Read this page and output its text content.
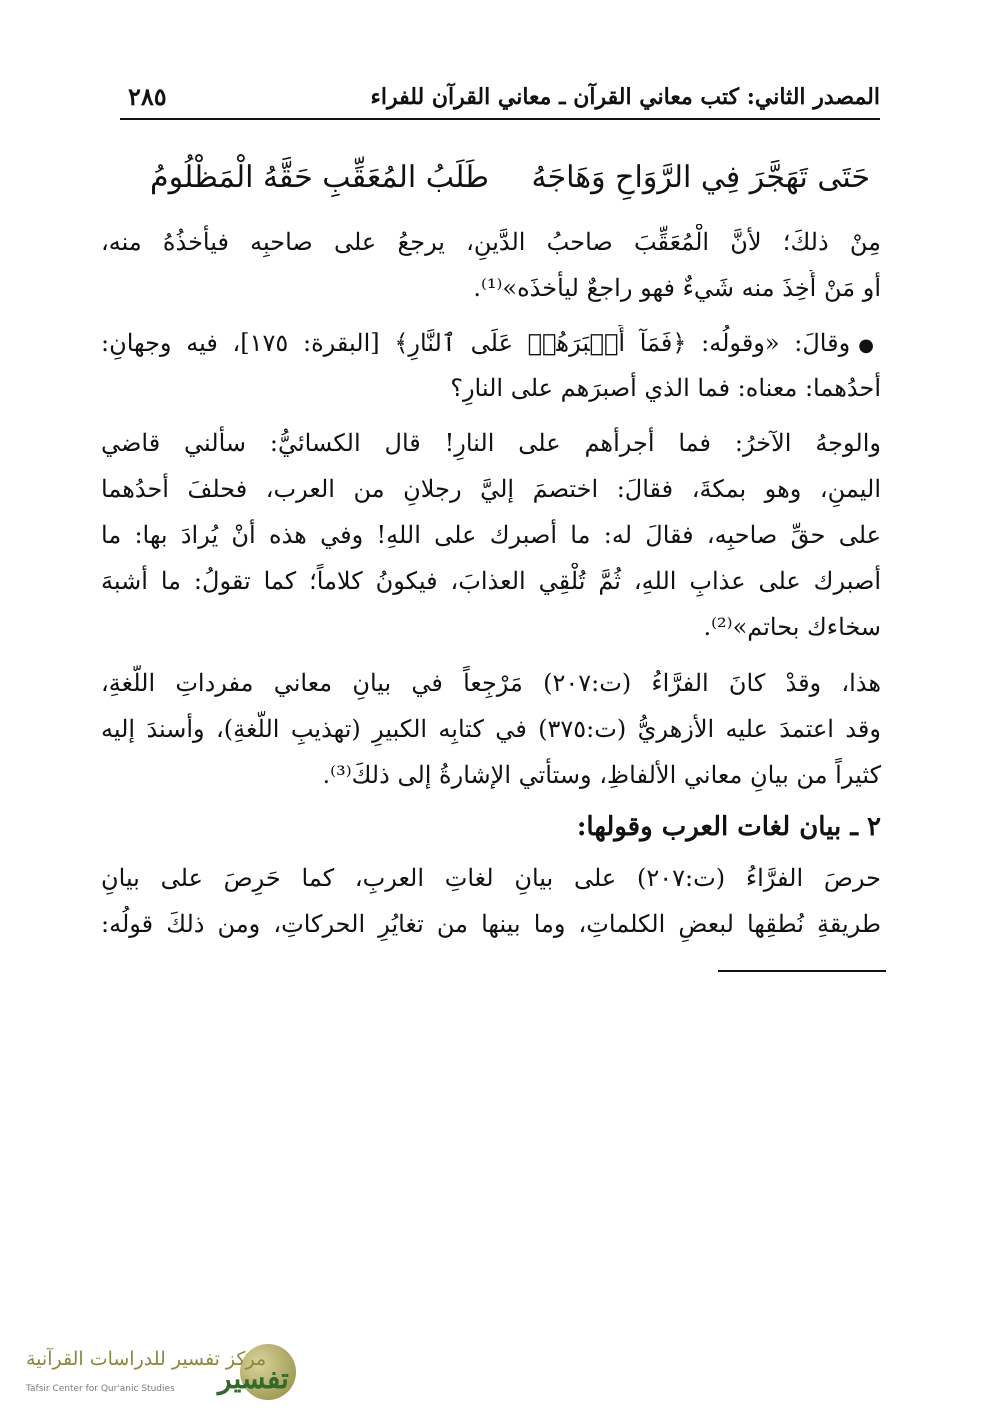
المصدر الثاني: كتب معاني القرآن ـ معاني القرآن للفراء
٢٨٥
حَتَى تَهَجَّرَ فِي الرَّوَاحِ وَهَاجَهُ
طَلَبُ المُعَقِّبِ حَقَّهُ الْمَظْلُومُ
مِنْ ذلكَ؛ لأنَّ الْمُعَقِّبَ صاحبُ الدَّينِ، يرجعُ على صاحبِه فيأخذُهُ منه،
أو مَنْ أُخِذَ منه شَيءٌ فهو راجعٌ ليأخذَه»⁽¹⁾.
●وقالَ: «وقولُه: ﴿فَمَآ أَصۡبَرَهُمۡ عَلَى ٱلنَّارِ﴾ [البقرة: ١٧٥]، فيه وجهانِ:
أحدُهما: معناه: فما الذي أصبرَهم على النارِ؟
والوجهُ الآخرُ: فما أجرأهم على النارِ! قال الكسائيُّ: سألني قاضي
اليمنِ، وهو بمكةَ، فقالَ: اختصمَ إليَّ رجلانِ من العرب، فحلفَ أحدُهما
على حقِّ صاحبِه، فقالَ له: ما أصبرك على اللهِ! وفي هذه أنْ يُرادَ بها: ما
أصبرك على عذابِ اللهِ، ثُمَّ تُلْقِي العذابَ، فيكونُ كلاماً؛ كما تقولُ: ما أشبهَ
سخاءك بحاتم»⁽²⁾.
هذا، وقدْ كانَ الفرَّاءُ (ت:٢٠٧) مَرْجِعاً في بيانِ معاني مفرداتِ اللُّغةِ،
وقد اعتمدَ عليه الأزهريُّ (ت:٣٧٥) في كتابِه الكبيرِ (تهذيبِ اللُّغةِ)، وأسندَ إليه
كثيراً من بيانِ معاني الألفاظِ، وستأتي الإشارةُ إلى ذلكَ⁽³⁾.
٢ ـ بيان لغات العرب وقولها:
حرصَ الفرَّاءُ (ت:٢٠٧) على بيانِ لغاتِ العربِ، كما حَرِصَ على بيانِ
طريقةِ نُطقِها لبعضِ الكلماتِ، وما بينها من تغايُرِ الحركاتِ، ومن ذلكَ قولُه:
تفسير
مركز تفسير للدراسات القرآنية
Tafsir Center for Qur'anic Studies
